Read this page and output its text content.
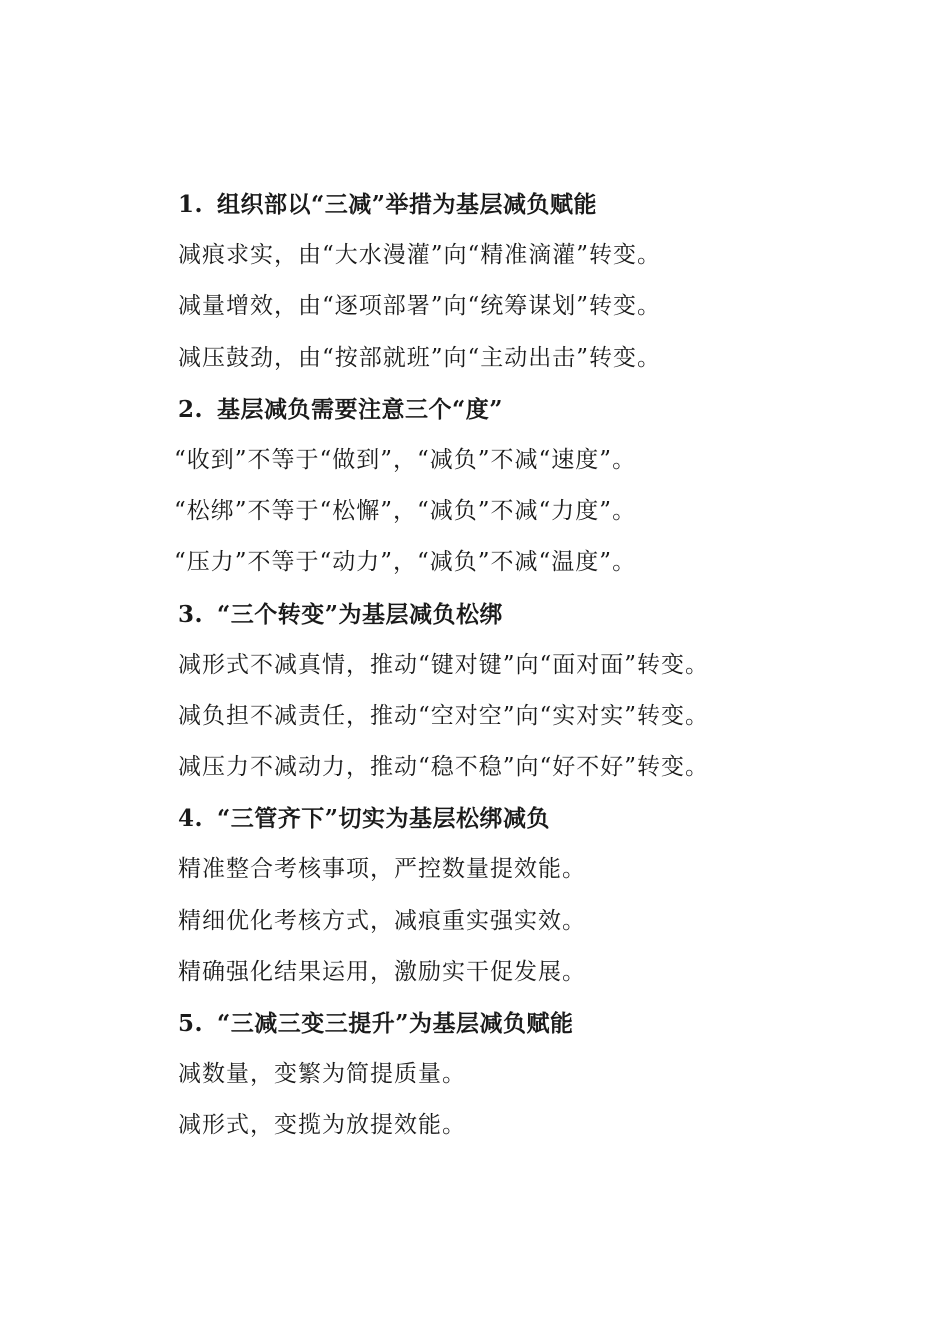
1. 组织部以“三减”举措为基层减负赋能
减痕求实，由“大水漫灌”向“精准滴灌”转变。
减量增效，由“逐项部署”向“统筹谋划”转变。
减压鼓劲，由“按部就班”向“主动出击”转变。
2. 基层减负需要注意三个“度”
“收到”不等于“做到”，“减负”不减“速度”。
“松绑”不等于“松懈”，“减负”不减“力度”。
“压力”不等于“动力”，“减负”不减“温度”。
3. “三个转变”为基层减负松绑
减形式不减真情，推动“键对键”向“面对面”转变。
减负担不减责任，推动“空对空”向“实对实”转变。
减压力不减动力，推动“稳不稳”向“好不好”转变。
4. “三管齐下”切实为基层松绑减负
精准整合考核事项，严控数量提效能。
精细优化考核方式，减痕重实强实效。
精确强化结果运用，激励实干促发展。
5. “三减三变三提升”为基层减负赋能
减数量，变繁为简提质量。
减形式，变揽为放提效能。
